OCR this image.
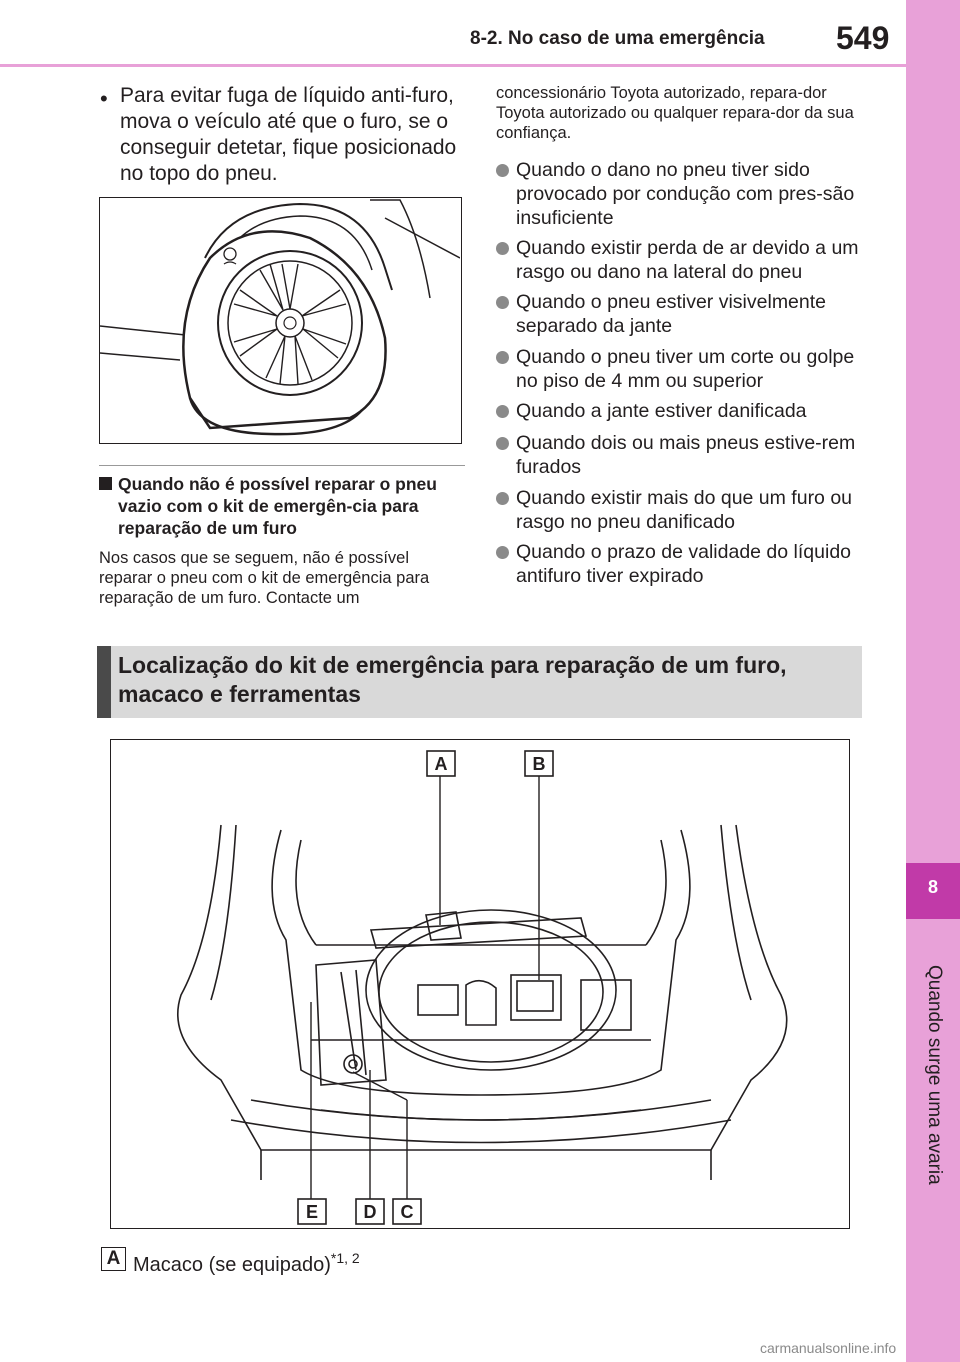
8-2. No caso de uma emergência 549
8
Quando surge uma avaria
• Para evitar fuga de líquido anti-furo, mova o veículo até que o furo, se o conseguir detetar, fique posicionado no topo do pneu.
Quando não é possível reparar o pneu vazio com o kit de emergên-cia para reparação de um furo
Nos casos que se seguem, não é possível reparar o pneu com o kit de emergência para reparação de um furo. Contacte um
concessionário Toyota autorizado, repara-dor Toyota autorizado ou qualquer repara-dor da sua confiança.
Quando o dano no pneu tiver sido provocado por condução com pres-são insuficiente
Quando existir perda de ar devido a um rasgo ou dano na lateral do pneu
Quando o pneu estiver visivelmente separado da jante
Quando o pneu tiver um corte ou golpe no piso de 4 mm ou superior
Quando a jante estiver danificada
Quando dois ou mais pneus estive-rem furados
Quando existir mais do que um furo ou rasgo no pneu danificado
Quando o prazo de validade do líquido antifuro tiver expirado
Localização do kit de emergência para reparação de um furo, macaco e ferramentas
A	B
E	D C
A Macaco (se equipado)$^{*1, 2}$
carmanualsonline.info
